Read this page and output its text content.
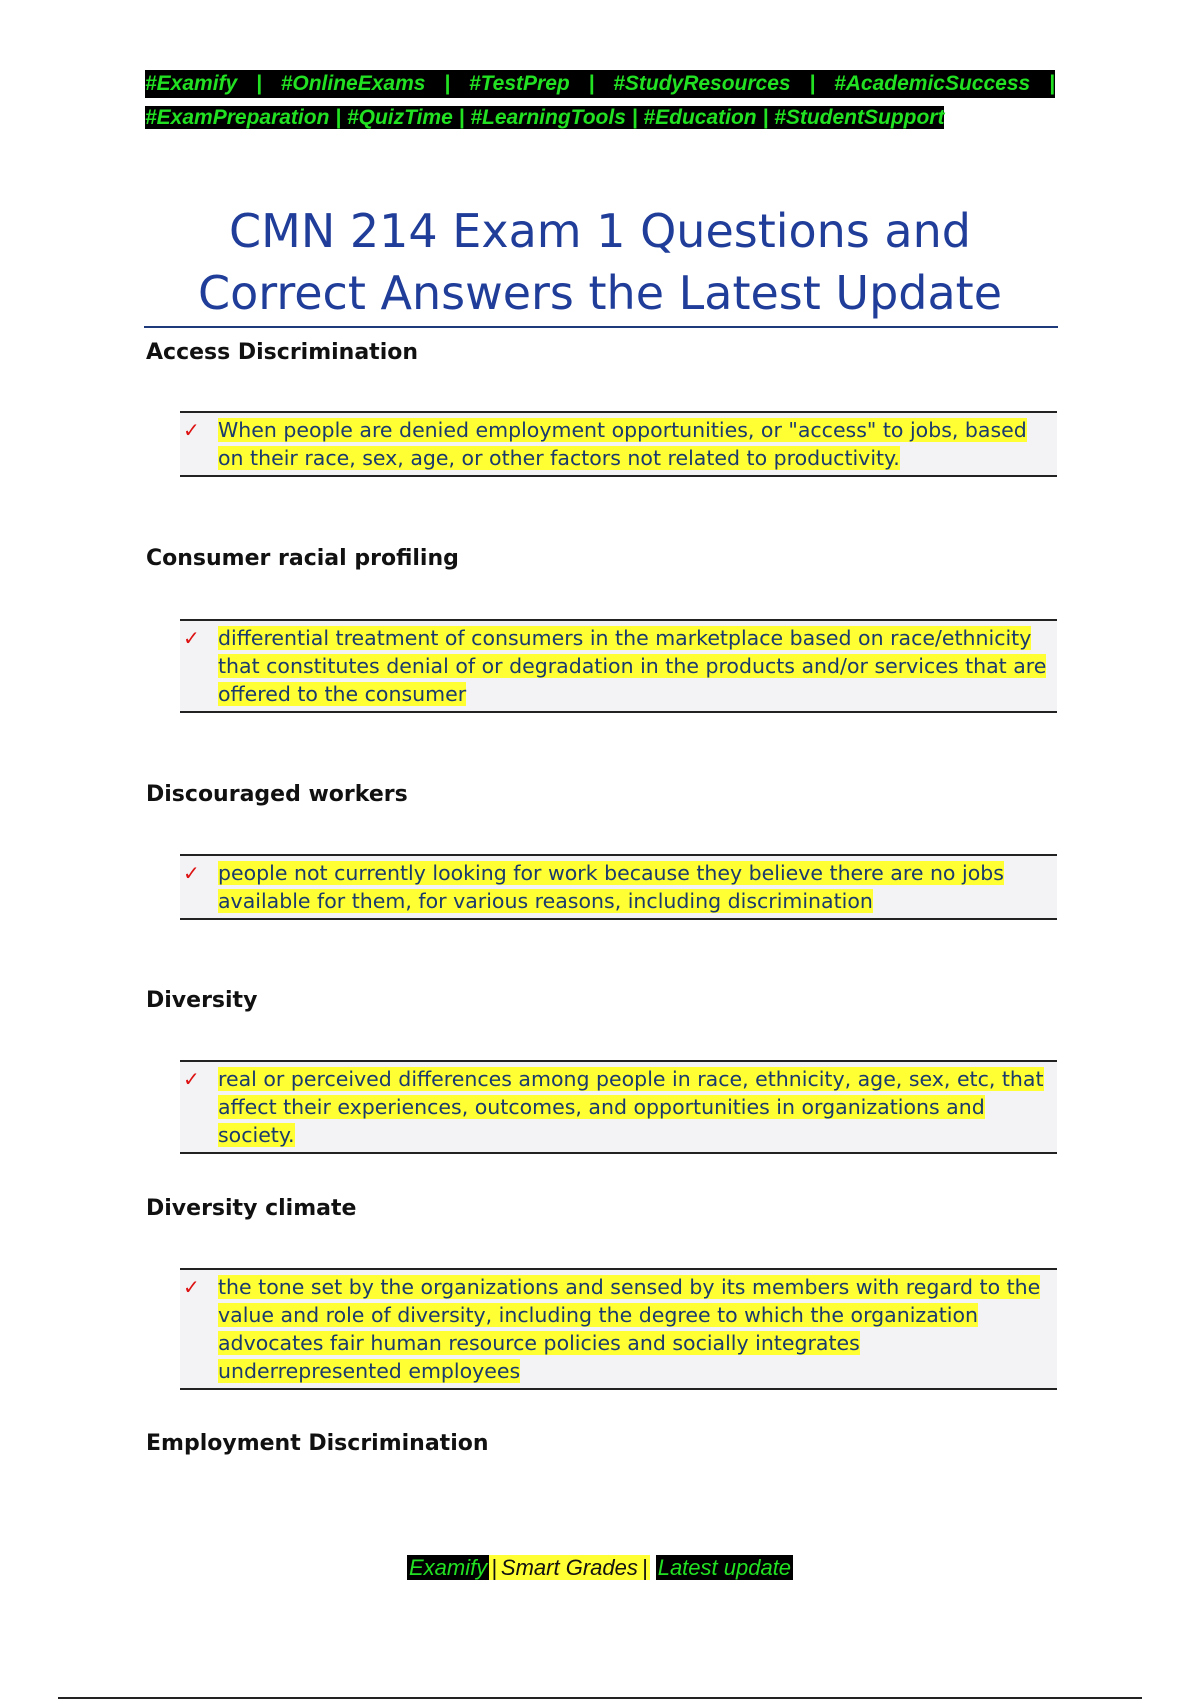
#Examify | #OnlineExams | #TestPrep | #StudyResources | #AcademicSuccess |
#ExamPreparation | #QuizTime | #LearningTools | #Education | #StudentSupport
CMN 214 Exam 1 Questions and Correct Answers the Latest Update
Access Discrimination
✓ When people are denied employment opportunities, or "access" to jobs, based on their race, sex, age, or other factors not related to productivity.
Consumer racial profiling
✓ differential treatment of consumers in the marketplace based on race/ethnicity that constitutes denial of or degradation in the products and/or services that are offered to the consumer
Discouraged workers
✓ people not currently looking for work because they believe there are no jobs available for them, for various reasons, including discrimination
Diversity
✓ real or perceived differences among people in race, ethnicity, age, sex, etc, that affect their experiences, outcomes, and opportunities in organizations and society.
Diversity climate
✓ the tone set by the organizations and sensed by its members with regard to the value and role of diversity, including the degree to which the organization advocates fair human resource policies and socially integrates underrepresented employees
Employment Discrimination
Examify | Smart Grades | Latest update
